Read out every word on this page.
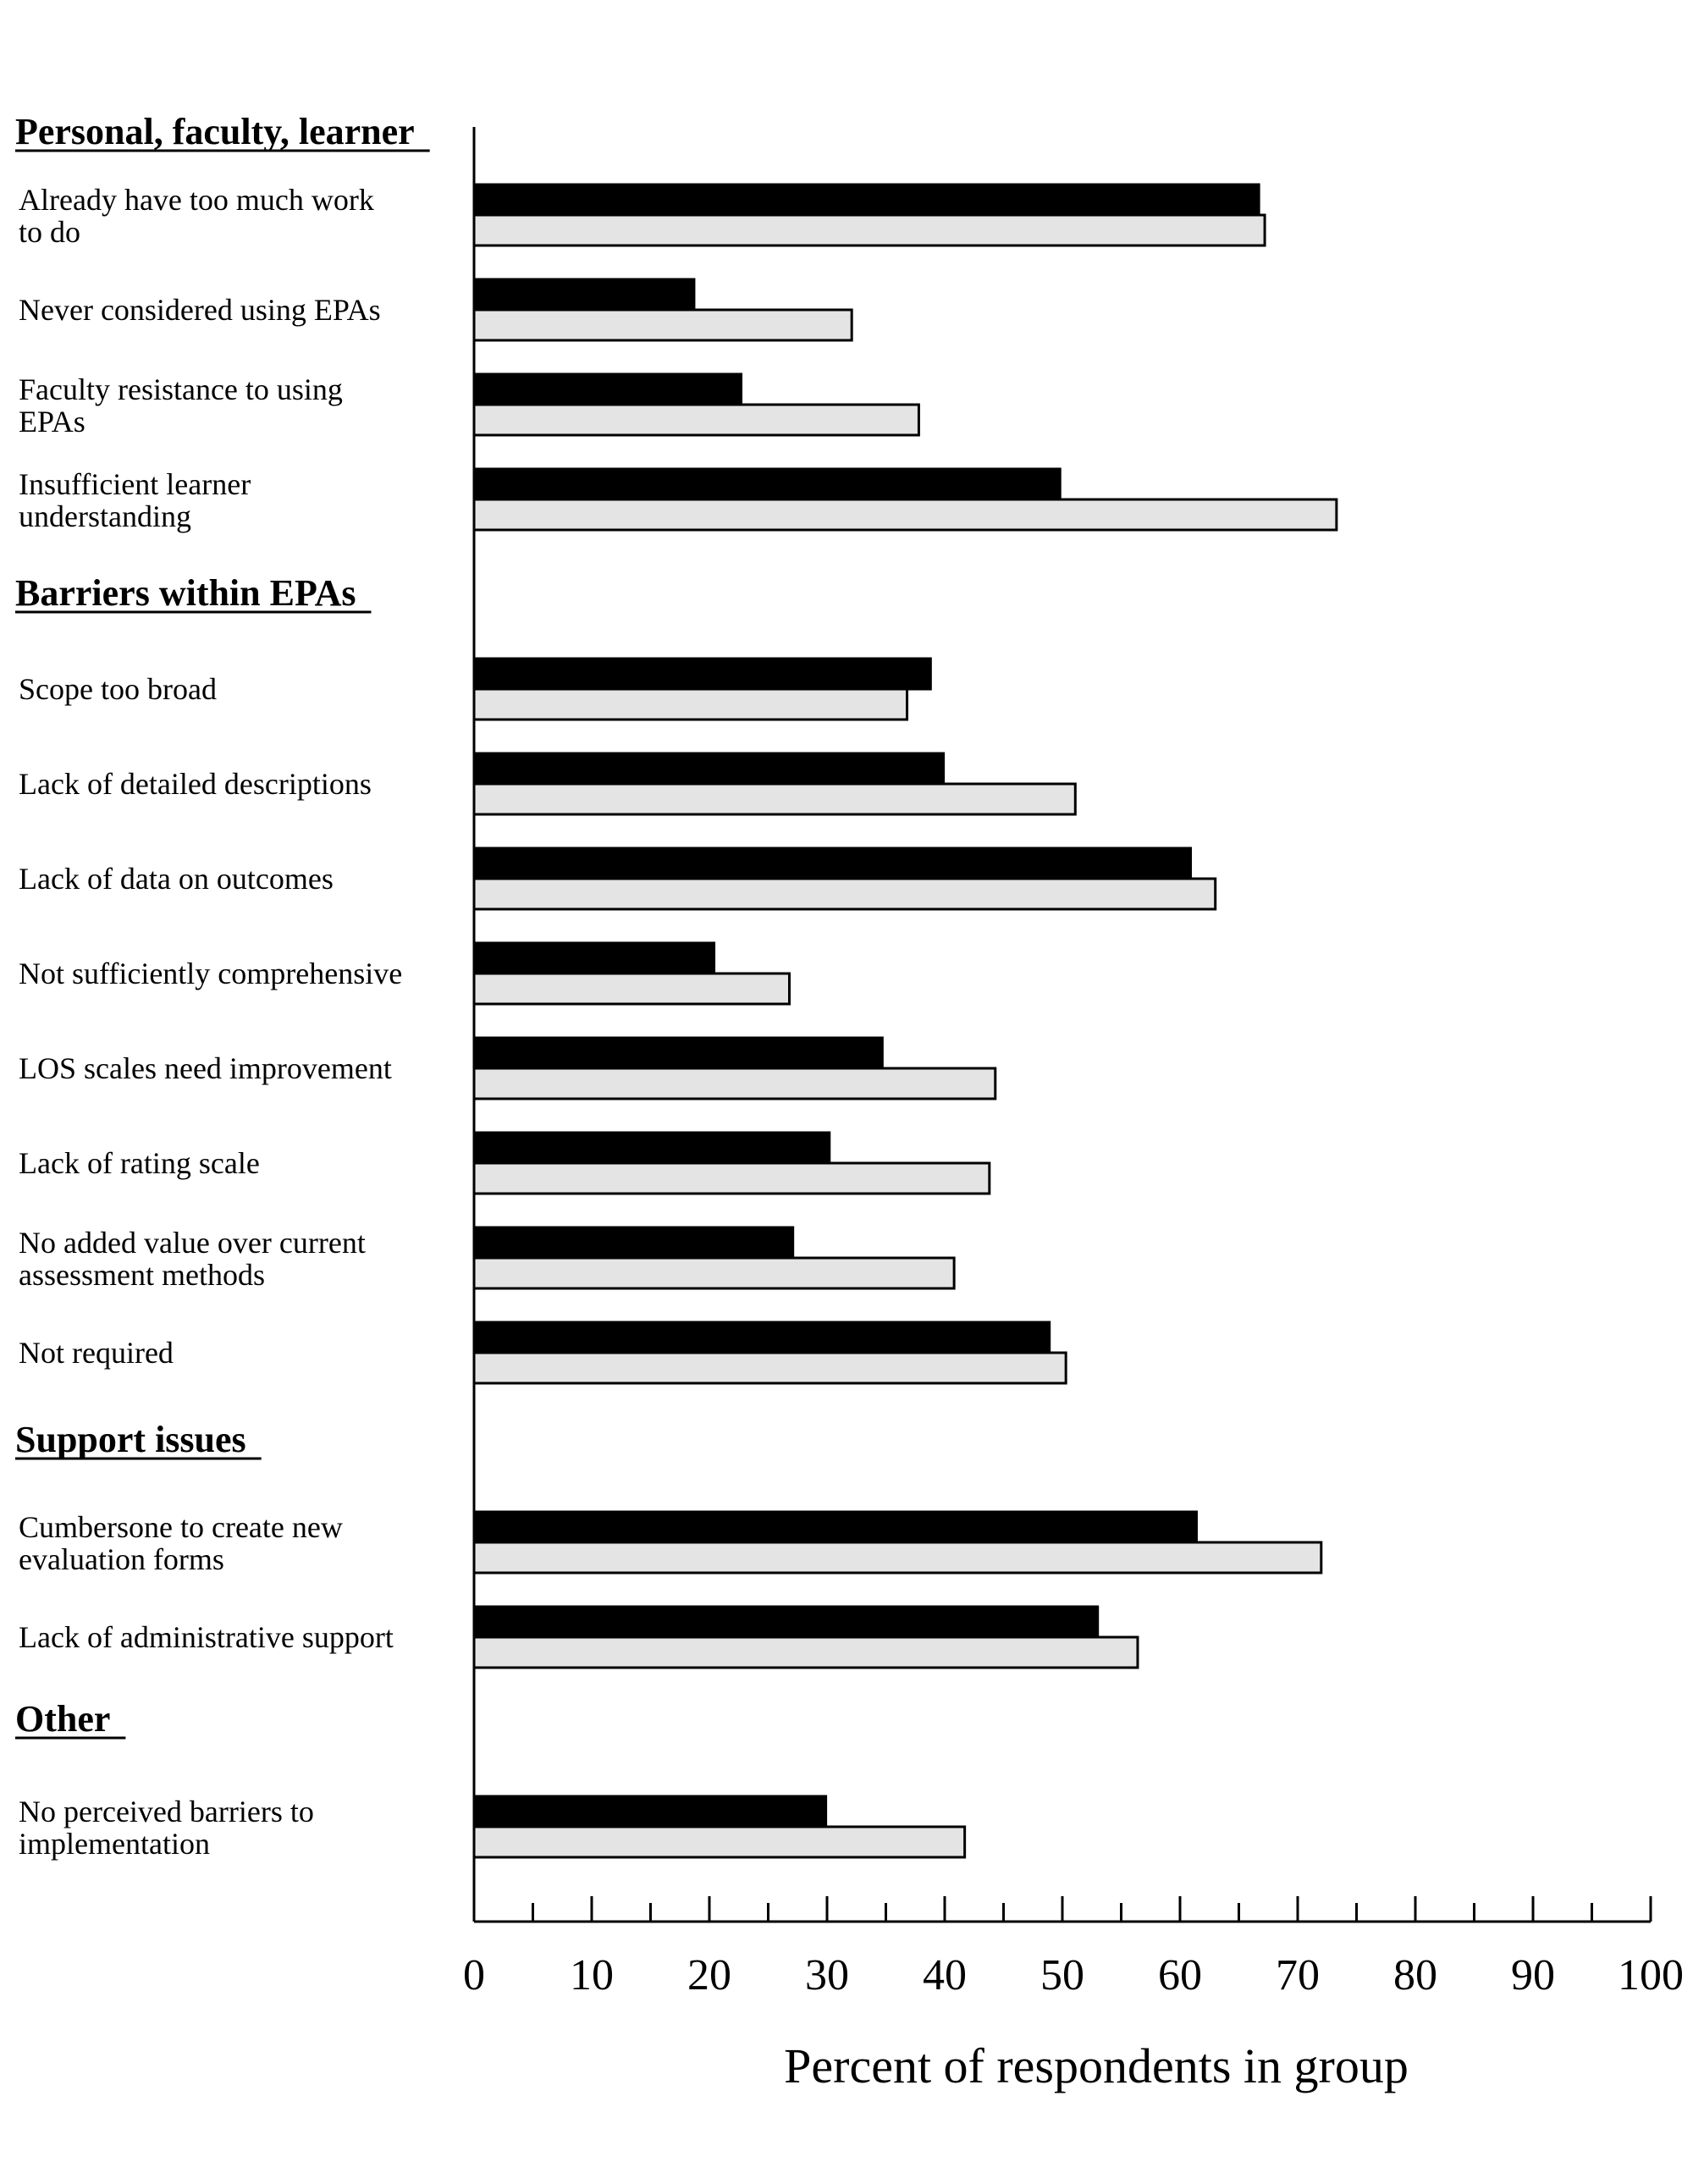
Personal, faculty, learner
Barriers within EPAs
Support issues
Other
Already have too much work
to do
Never considered using EPAs
Faculty resistance to using
EPAs
Insufficient learner
understanding
Scope too broad
Lack of detailed descriptions
Lack of data on outcomes
Not sufficiently comprehensive
LOS scales need improvement
Lack of rating scale
No added value over current
assessment methods
Not required
Cumbersone to create new
evaluation forms
Lack of administrative support
No perceived barriers to
implementation
0 10 20 30 40 50 60 70 80 90 100
Percent of respondents in group
